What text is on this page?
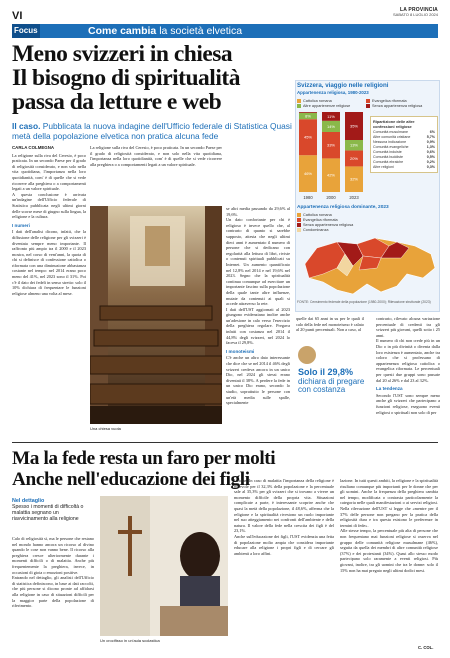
VI	LA PROVINCIA
SABATO 8 LUGLIO 2024
Focus	Come cambia la società elvetica
Meno svizzeri in chiesa
Il bisogno di spiritualità
passa da letture e web
Il caso. Pubblicata la nuova indagine dell'Ufficio federale di Statistica Quasi metà della popolazione elvetica non pratica alcuna fede
CARLA COLMEGNA

La religione sulla riva del Ceresio, è poco praticata. In un secondo Paese per il grado di religiosità considerato, e non solo nella vita quotidiana, l'importanza nella loro quotidianità, com' è di quelle che si vede ricorrere alla preghiera o a comportamenti legati a un valore spirituale.

A questa conclusione è arrivata un'indagine dell'Ufficio federale di Statistica pubblicata negli ultimi giorni delle scorse mese di giugno sulla lingua, la religione e la cultura.

I numeri

I dati dell'analisi dicono, infatti, che la diffusione delle religione per gli svizzeri è diventata sempre meno importante. Il raffronto più ampio tra il 2000 e il 2023 mostra, nel corso di vent'anni, la quota di chi si definisce di confessione cattolica o riformata con una diminuzione abbastanza costante nel tempo: nel 2014 erano poco meno del 41%, nel 2023 sono il 31%. Poi c'è il dato dei fedeli in senso stretto: solo il 10% dichiara di frequentare le funzioni religiose almeno una volta al mese.

La religione sulla riva del Ceresio, è poco praticata. In un secondo Paese per il grado di religiosità considerato, e non solo nella vita quotidiana, l'importanza nella loro quotidianità, com' è di quelle che si vede ricorrere alla preghiera o a comportamenti legati a un valore spirituale.

Una chiesa vuota

se altri media passando da 29,6% al 19,6%.

Un dato confortante per chi è religioso è invece quello che, al contrario di quanto si sarebbe supposto, attesta che negli ultimi dieci anni è aumentato il numero di persone che si dedicano con regolarità alla lettura di libri, riviste o contenuti spirituali pubblicati su Internet. Un aumento quantificato nel 12,8% nel 2014 e nel 19,6% nel 2023. Segno che la spiritualità continua comunque ad esercitare un importante fascino sulla popolazione della quale tante altre influenze, mutate da contenuti ai quali si accede attraverso la rete.

I dati dell'UST aggiornati al 2023 giungono evidenziano inoltre anche un'adesione in calo verso l'esercizio della preghiera regolare. Pregava infatti con costanza nel 2014 il 44,8% degli svizzeri, nel 2024 lo faceva il 29,8%.

I monoteismi

C'è anche un altro dato interessante che dice che se nel 2014 il 46% degli svizzeri credeva ancora in un unico Dio, nel 2024 gli stessi erano diventati il 38%. A perdere la fede in un unico Dio erano, secondo lo studio, soprattutto le persone con un'età media sulle spalle, specialmente

quelle dai 65 anni in su per le quali il calo della fede nel monoteismo è calato al 20 punti percentuali. Non a caso, al

contrario, rilevato alcuna variazione percentuale di credenti tra gli svizzeri più giovani, quelli sotto i 25 anni.

Il numero di chi non crede più in un Dio o in più divinità o diventa dalla loro esistenza è aumentato, anche tra coloro che si professano di appartenenza religiosa cattolica o evangelica riformata. Le percentuali per questi due gruppi sono passate dal 20 al 26% e dal 23 al 32%.

La tendenza

Secondo l'UST sono sempre meno anche gli svizzeri che partecipano a funzioni religiose, eseguono eventi religiosi o spirituali non solo di per

Solo il 29,8%
dichiara di pregare con costanza
Svizzera, viaggio nelle religioni
Appartenenza religiosa, 1980-2023
Cattolica romana
Altre appartenenze religiose
Evangelica riformata
Senza appartenenza religiosa
46%
45%
8%
1980
42%
33%
14%
11%
2000
32%
20%
13%
35%
2023
Ripartizione delle altre confessioni religiose
Comunità musulmane	6%
Altre comunità cristiane	5,7%
Nessuna indicazione	0,9%
Comunità evangeliche	1,3%
Comunità induiste	0,6%
Comunità buddiste	0,5%
Comunità ebraiche	0,2%
Altre religioni	0,3%
Appartenenza religiosa dominante, 2023
Cattolica romana
Evangelica riformata
Senza appartenenza religiosa
Condominanza
FONTE: Censimento federale della popolazione (1980-2000); Rilevazione strutturale (2023)
Ma la fede resta un faro per molti
Anche nell'educazione dei figli
Nel dettaglio
Spesso i momenti di difficoltà o malattia segnano un riavvicinamento alla religione

Calo di religiosità sì, ma le persone che restano nel mondo hanno ancora un ricorso al divino quando le cose non vanno bene. Il ricorso alla preghiera cresce ulteriormente durante i momenti difficili o di malattia. Anche più frequentemente la preghiera, invece, in occasioni di gioia o emozioni positive.

Entrando nel dettaglio, gli analisti dell'Ufficio di statistica definiscono, in base ai dati raccolti, che più persone si dicono pronte ad affidarsi alla religione in caso di situazioni difficili per la maggior parte della popolazione di riferimento.

Un crocifisso in un'aula scolastica

lazione. In caso di malattia l'importanza della religione è notevole per il 32,3% della popolazione e la percentuale sale al 35,3% per gli svizzeri che si trovano a vivere un momento difficile della propria vita. Situazioni complicate a parte, è interessante scoprire anche che quasi la metà della popolazione, il 48,6%, afferma che la religione e la spiritualità rivestono un ruolo importante nel suo atteggiamento nei confronti dell'ambiente e della natura. Il valore della fede nella crescita dei figli è del 23,1%.

Anche sull'educazione dei figli, l'UST evidenzia una fetta di popolazione molto ampia che considera importante educare alla religione i propri figli e di cercare gli ambienti a loro affini.

lazione. In tutti questi ambiti, la religione e la spiritualità risultano comunque più importanti per le donne che per gli uomini. Anche la frequenza della preghiera cambia nel tempo, modificata o contrasta particolarmente la categoria nelle quali manifestazioni o ai servizi religiosi. Nella rilevazione dell'UST si legge che «mentre per il 37% delle persone non pregano per la pratica della religiosità dura e tra questa esistono le preferenze in termini di fede».

Alle stesse tempo, la percentuale più alta di persone che non frequentano mai funzioni religiose si osserva nel gruppo delle comunità religiose musulmane (46%), seguita da quella dei membri di altre comunità religiose (37%) e dei protestanti (34%). Quasi allo stesso modo partecipano solo raramente a eventi religiosi. Più giovani, inoltre, tra gli uomini che tra le donne: solo il 15% non ha mai pregato negli ultimi dodici mesi.

C. COL.
